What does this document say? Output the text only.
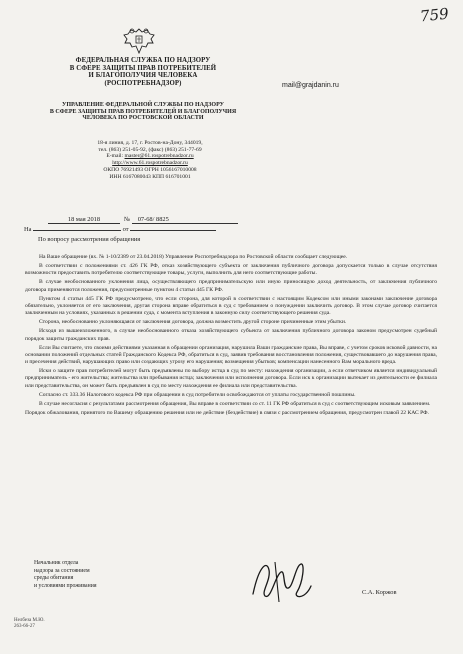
759
ФЕДЕРАЛЬНАЯ СЛУЖБА ПО НАДЗОРУ
В СФЕРЕ ЗАЩИТЫ ПРАВ ПОТРЕБИТЕЛЕЙ
И БЛАГОПОЛУЧИЯ ЧЕЛОВЕКА
(РОСПОТРЕБНАДЗОР)
УПРАВЛЕНИЕ ФЕДЕРАЛЬНОЙ СЛУЖБЫ ПО НАДЗОРУ
В СФЕРЕ ЗАЩИТЫ ПРАВ ПОТРЕБИТЕЛЕЙ И БЛАГОПОЛУЧИЯ
ЧЕЛОВЕКА ПО РОСТОВСКОЙ ОБЛАСТИ
18-я линия, д. 17, г. Ростов-на-Дону, 344019,
тел. (863) 251-05-92, (факс) (863) 251-77-69
E-mail: master@61.rospotrebnadzor.ru
http://www.61.rospotrebnadzor.ru
ОКПО 76921493 ОГРН 1056167010008
ИНН 6167080043 КПП 616701001
mail@grajdanin.ru
18 мая 2018	№ 07-68/ 8825
На	от
По вопросу рассмотрения обращения

На Ваше обращение (вх. № 1-10/2389 от 23.04.2018) Управление Роспотребнадзора по Ростовской области сообщает следующее.

В соответствии с положениями ст. 426 ГК РФ, отказ хозяйствующего субъекта от заключения публичного договора допускается только в случае отсутствия возможности предоставить потребителю соответствующие товары, услуги, выполнить для него соответствующие работы.

В случае необоснованного уклонения лица, осуществляющего предпринимательскую или иную приносящую доход деятельность, от заключения публичного договора применяются положения, предусмотренные пунктом 4 статьи 445 ГК РФ.

Пунктом 4 статьи 445 ГК РФ предусмотрено, что если сторона, для которой в соответствии с настоящим Кодексом или иными законами заключение договора обязательно, уклоняется от его заключения, другая сторона вправе обратиться в суд с требованием о понуждении заключить договор. В этом случае договор считается заключенным на условиях, указанных в решении суда, с момента вступления в законную силу соответствующего решения суда.

Сторона, необоснованно уклоняющаяся от заключения договора, должна возместить другой стороне причиненные этим убытки.

Исходя из вышеизложенного, в случае необоснованного отказа хозяйствующего субъекта от заключения публичного договора законом предусмотрен судебный порядок защиты гражданских прав.

Если Вы считаете, что своими действиями указанная в обращении организация, нарушила Ваши гражданские права, Вы вправе, с учетом сроков исковой давности, на основании положений отдельных статей Гражданского Кодекса РФ, обратиться в суд, заявив требования восстановления положения, существовавшего до нарушения права, и пресечения действий, нарушающих право или создающих угрозу его нарушения; возмещения убытков; компенсации нанесенного Вам морального вреда.

Иски о защите прав потребителей могут быть предъявлены по выбору истца в суд по месту: нахождения организации, а если ответчиком является индивидуальный предприниматель - его жительства; жительства или пребывания истца; заключения или исполнения договора. Если иск к организации вытекает из деятельности ее филиала или представительства, он может быть предъявлен в суд по месту нахождения ее филиала или представительства.

Согласно ст. 333.36 Налогового кодекса РФ при обращении в суд потребители освобождаются от уплаты государственной пошлины.

В случае несогласия с результатами рассмотрения обращения, Вы вправе в соответствии со ст. 11 ГК РФ обратиться в суд с соответствующим исковым заявлением.

Порядок обжалования, принятого по Вашему обращению решения или не действие (бездействие) в связи с рассмотрением обращения, предусмотрен главой 22 КАС РФ.

Начальник отдела
надзора за состоянием
среды обитания
и условиями проживания
С.А. Коржов
Нелбеза М.Ю.
263-66-27
